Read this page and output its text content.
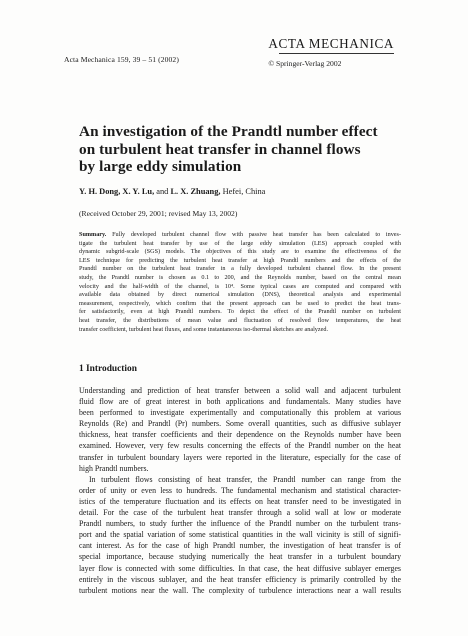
Acta Mechanica 159, 39 – 51 (2002)
ACTA MECHANICA
© Springer-Verlag 2002
An investigation of the Prandtl number effect
on turbulent heat transfer in channel flows
by large eddy simulation
Y. H. Dong, X. Y. Lu, and L. X. Zhuang, Hefei, China
(Received October 29, 2001; revised May 13, 2002)
Summary. Fully developed turbulent channel flow with passive heat transfer has been calculated to inves-
tigate the turbulent heat transfer by use of the large eddy simulation (LES) approach coupled with
dynamic subgrid-scale (SGS) models. The objectives of this study are to examine the effectiveness of the
LES technique for predicting the turbulent heat transfer at high Prandtl numbers and the effects of the
Prandtl number on the turbulent heat transfer in a fully developed turbulent channel flow. In the present
study, the Prandtl number is chosen as 0.1 to 200, and the Reynolds number, based on the central mean
velocity and the half-width of the channel, is 10⁴. Some typical cases are computed and compared with
available data obtained by direct numerical simulation (DNS), theoretical analysis and experimental
measurement, respectively, which confirm that the present approach can be used to predict the heat trans-
fer satisfactorily, even at high Prandtl numbers. To depict the effect of the Prandtl number on turbulent
heat transfer, the distributions of mean value and fluctuation of resolved flow temperatures, the heat
transfer coefficient, turbulent heat fluxes, and some instantaneous iso-thermal sketches are analyzed.
1 Introduction
Understanding and prediction of heat transfer between a solid wall and adjacent turbulent
fluid flow are of great interest in both applications and fundamentals. Many studies have
been performed to investigate experimentally and computationally this problem at various
Reynolds (Re) and Prandtl (Pr) numbers. Some overall quantities, such as diffusive sublayer
thickness, heat transfer coefficients and their dependence on the Reynolds number have been
examined. However, very few results concerning the effects of the Prandtl number on the heat
transfer in turbulent boundary layers were reported in the literature, especially for the case of
high Prandtl numbers.
In turbulent flows consisting of heat transfer, the Prandtl number can range from the
order of unity or even less to hundreds. The fundamental mechanism and statistical character-
istics of the temperature fluctuation and its effects on heat transfer need to be investigated in
detail. For the case of the turbulent heat transfer through a solid wall at low or moderate
Prandtl numbers, to study further the influence of the Prandtl number on the turbulent trans-
port and the spatial variation of some statistical quantities in the wall vicinity is still of signifi-
cant interest. As for the case of high Prandtl number, the investigation of heat transfer is of
special importance, because studying numerically the heat transfer in a turbulent boundary
layer flow is connected with some difficulties. In that case, the heat diffusive sublayer emerges
entirely in the viscous sublayer, and the heat transfer efficiency is primarily controlled by the
turbulent motions near the wall. The complexity of turbulence interactions near a wall results
